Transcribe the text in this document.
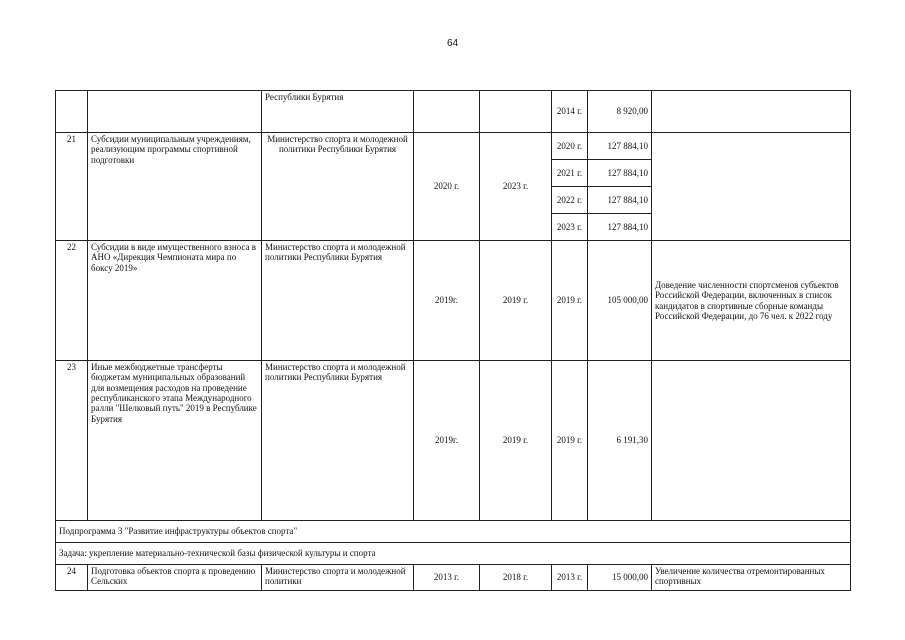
64
		Республики Бурятия			2014 г.	8 920,00	
21	Субсидии муниципальным учреждениям, реализующим программы спортивной подготовки	Министерство спорта и молодежной политики Республики Бурятия	2020 г.	2023 г.	2020 г.	127 884,10	
					2021 г.	127 884,10	
					2022 г.	127 884,10	
					2023 г.	127 884,10	
22	Субсидии в виде имущественного взноса в АНО «Дирекция Чемпионата мира по боксу 2019»	Министерство спорта и молодежной политики Республики Бурятия	2019г.	2019 г.	2019 г.	105 000,00	Доведение численности спортсменов субъектов Российской Федерации, включенных в список кандидатов в спортивные сборные команды Российской Федерации, до 76 чел. к 2022 году
23	Иные межбюджетные трансферты бюджетам муниципальных образований для возмещения расходов на проведение республиканского этапа Международного ралли "Шелковый путь" 2019 в Республике Бурятия	Министерство спорта и молодежной политики Республики Бурятия	2019г.	2019 г.	2019 г.	6 191,30	
Подпрограмма 3 "Развитие инфраструктуры объектов спорта"							
Задача: укрепление материально-технической базы физической культуры и спорта							
24	Подготовка объектов спорта к проведению Сельских	Министерство спорта и молодежной политики	2013 г.	2018 г.	2013 г.	15 000,00	Увеличение количества отремонтированных спортивных
